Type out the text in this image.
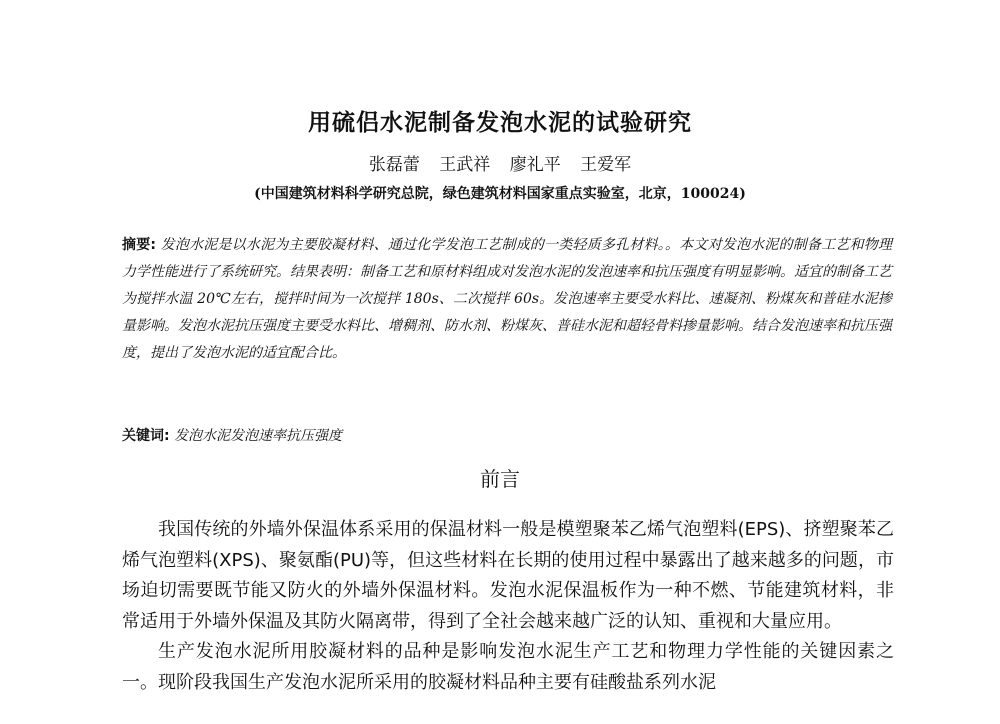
用硫侣水泥制备发泡水泥的试验研究
张磊蕾 王武祥 廖礼平 王爱军
(中国建筑材料科学研究总院，绿色建筑材料国家重点实验室，北京，100024)
摘要: 发泡水泥是以水泥为主要胶凝材料、通过化学发泡工艺制成的一类轻质多孔材料。。本文对发泡水泥的制备工艺和物理力学性能进行了系统研究。结果表明：制备工艺和原材料组成对发泡水泥的发泡速率和抗压强度有明显影响。适宜的制备工艺为搅拌水温 20℃左右，搅拌时间为一次搅拌 180s、二次搅拌 60s。发泡速率主要受水料比、速凝剂、粉煤灰和普硅水泥掺量影响。发泡水泥抗压强度主要受水料比、增稠剂、防水剂、粉煤灰、普硅水泥和超轻骨料掺量影响。结合发泡速率和抗压强度，提出了发泡水泥的适宜配合比。
关键词: 发泡水泥发泡速率抗压强度
前言

我国传统的外墙外保温体系采用的保温材料一般是模塑聚苯乙烯气泡塑料(EPS)、挤塑聚苯乙烯气泡塑料(XPS)、聚氨酯(PU)等，但这些材料在长期的使用过程中暴露出了越来越多的问题，市场迫切需要既节能又防火的外墙外保温材料。发泡水泥保温板作为一种不燃、节能建筑材料，非常适用于外墙外保温及其防火隔离带，得到了全社会越来越广泛的认知、重视和大量应用。

生产发泡水泥所用胶凝材料的品种是影响发泡水泥生产工艺和物理力学性能的关键因素之一。现阶段我国生产发泡水泥所采用的胶凝材料品种主要有硅酸盐系列水泥
